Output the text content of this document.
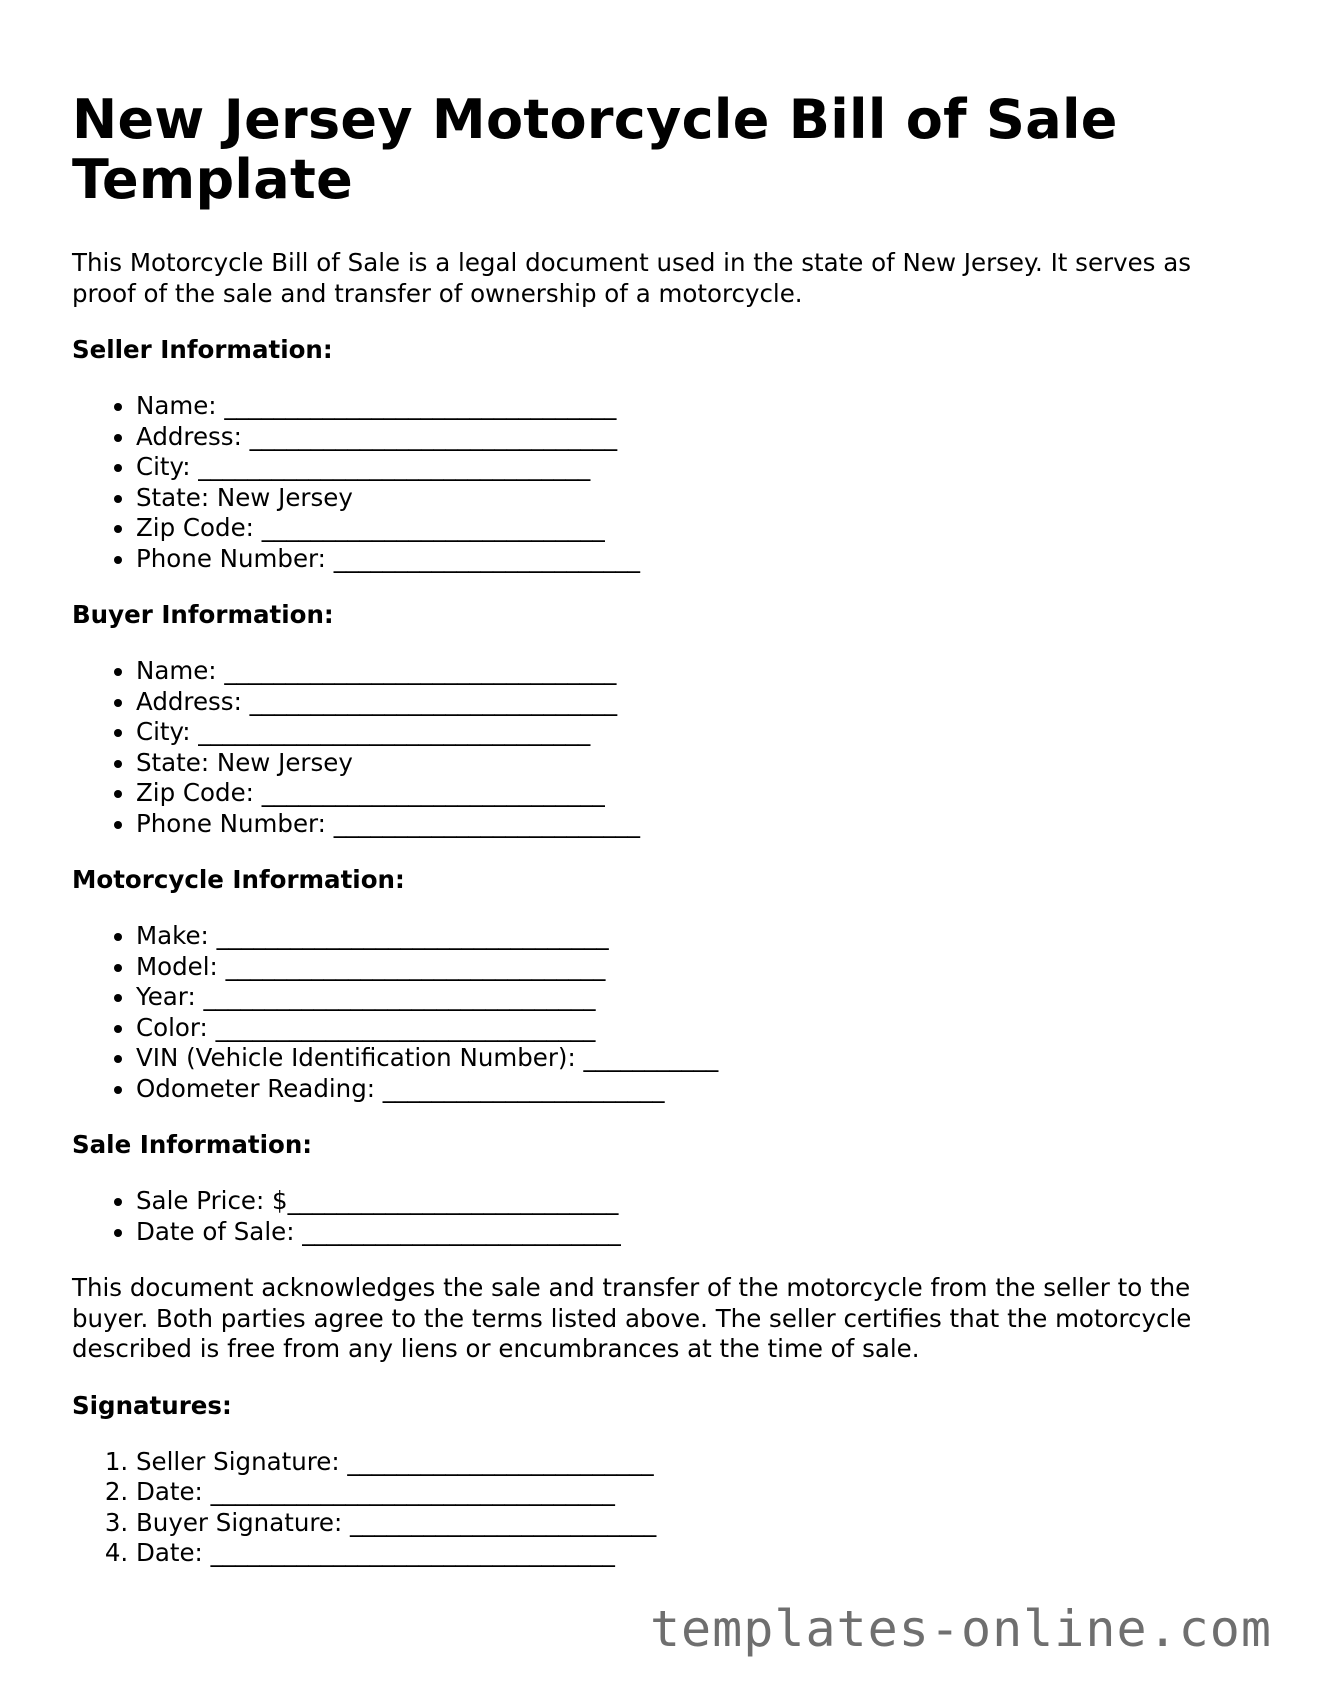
New Jersey Motorcycle Bill of Sale Template

This Motorcycle Bill of Sale is a legal document used in the state of New Jersey. It serves as proof of the sale and transfer of ownership of a motorcycle.

Seller Information:
• Name: ________________________________
• Address: ______________________________
• City: ________________________________
• State: New Jersey
• Zip Code: ____________________________
• Phone Number: _________________________
Buyer Information:
• Name: ________________________________
• Address: ______________________________
• City: ________________________________
• State: New Jersey
• Zip Code: ____________________________
• Phone Number: _________________________
Motorcycle Information:
• Make: ________________________________
• Model: _______________________________
• Year: ________________________________
• Color: _______________________________
• VIN (Vehicle Identification Number): ___________
• Odometer Reading: _______________________
Sale Information:
• Sale Price: $___________________________
• Date of Sale: __________________________

This document acknowledges the sale and transfer of the motorcycle from the seller to the buyer. Both parties agree to the terms listed above. The seller certifies that the motorcycle described is free from any liens or encumbrances at the time of sale.

Signatures:
1. Seller Signature: _________________________
2. Date: _________________________________
3. Buyer Signature: _________________________
4. Date: _________________________________
templates-online.com
